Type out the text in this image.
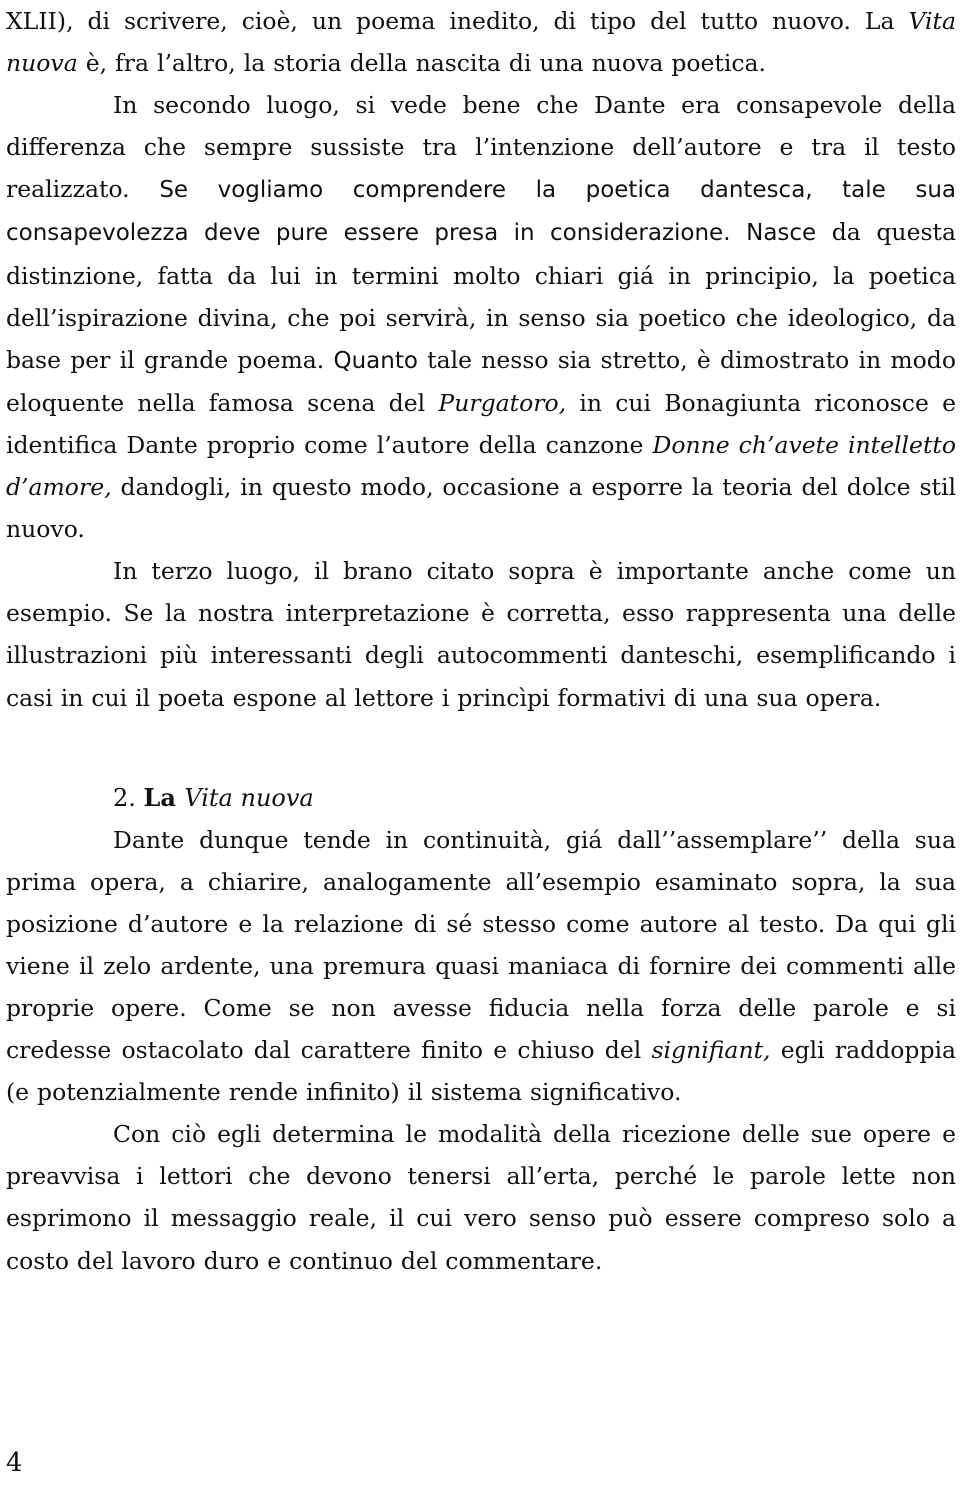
XLII), di scrivere, cioè, un poema inedito, di tipo del tutto nuovo. La Vita nuova è, fra l’altro, la storia della nascita di una nuova poetica.

In secondo luogo, si vede bene che Dante era consapevole della differenza che sempre sussiste tra l’intenzione dell’autore e tra il testo realizzato. Se vogliamo comprendere la poetica dantesca, tale sua consapevolezza deve pure essere presa in considerazione. Nasce da questa distinzione, fatta da lui in termini molto chiari giá in principio, la poetica dell’ispirazione divina, che poi servirà, in senso sia poetico che ideologico, da base per il grande poema. Quanto tale nesso sia stretto, è dimostrato in modo eloquente nella famosa scena del Purgatoro, in cui Bonagiunta riconosce e identifica Dante proprio come l’autore della canzone Donne ch’avete intelletto d’amore, dandogli, in questo modo, occasione a esporre la teoria del dolce stil nuovo.

In terzo luogo, il brano citato sopra è importante anche come un esempio. Se la nostra interpretazione è corretta, esso rappresenta una delle illustrazioni più interessanti degli autocommenti danteschi, esemplificando i casi in cui il poeta espone al lettore i princìpi formativi di una sua opera.

2. La Vita nuova

Dante dunque tende in continuità, giá dall’’assemplare’’ della sua prima opera, a chiarire, analogamente all’esempio esaminato sopra, la sua posizione d’autore e la relazione di sé stesso come autore al testo. Da qui gli viene il zelo ardente, una premura quasi maniaca di fornire dei commenti alle proprie opere. Come se non avesse fiducia nella forza delle parole e si credesse ostacolato dal carattere finito e chiuso del signifiant, egli raddoppia (e potenzialmente rende infinito) il sistema significativo.

Con ciò egli determina le modalità della ricezione delle sue opere e preavvisa i lettori che devono tenersi all’erta, perché le parole lette non esprimono il messaggio reale, il cui vero senso può essere compreso solo a costo del lavoro duro e continuo del commentare.

4
